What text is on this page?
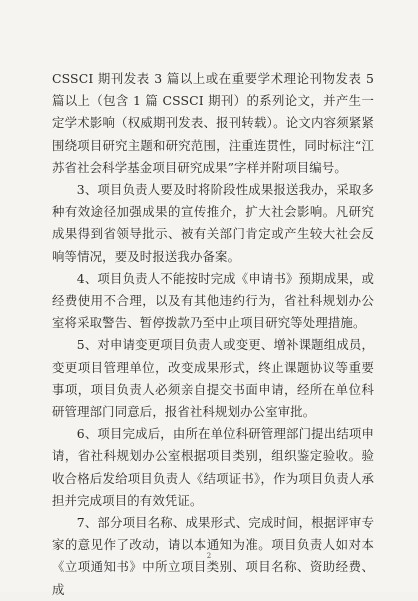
CSSCI 期刊发表 3 篇以上或在重要学术理论刊物发表 5 篇以上（包含 1 篇 CSSCI 期刊）的系列论文，并产生一定学术影响（权威期刊发表、报刊转载）。论文内容须紧紧围绕项目研究主题和研究范围，注重连贯性，同时标注“江苏省社会科学基金项目研究成果”字样并附项目编号。

3、项目负责人要及时将阶段性成果报送我办，采取多种有效途径加强成果的宣传推介，扩大社会影响。凡研究成果得到省领导批示、被有关部门肯定或产生较大社会反响等情况，要及时报送我办备案。

4、项目负责人不能按时完成《申请书》预期成果，或经费使用不合理，以及有其他违约行为，省社科规划办公室将采取警告、暂停拨款乃至中止项目研究等处理措施。

5、对申请变更项目负责人或变更、增补课题组成员，变更项目管理单位，改变成果形式，终止课题协议等重要事项，项目负责人必须亲自提交书面申请，经所在单位科研管理部门同意后，报省社科规划办公室审批。

6、项目完成后，由所在单位科研管理部门提出结项申请，省社科规划办公室根据项目类别，组织鉴定验收。验收合格后发给项目负责人《结项证书》，作为项目负责人承担并完成项目的有效凭证。

7、部分项目名称、成果形式、完成时间，根据评审专家的意见作了改动，请以本通知为准。项目负责人如对本《立项通知书》中所立项目类别、项目名称、资助经费、成

2
